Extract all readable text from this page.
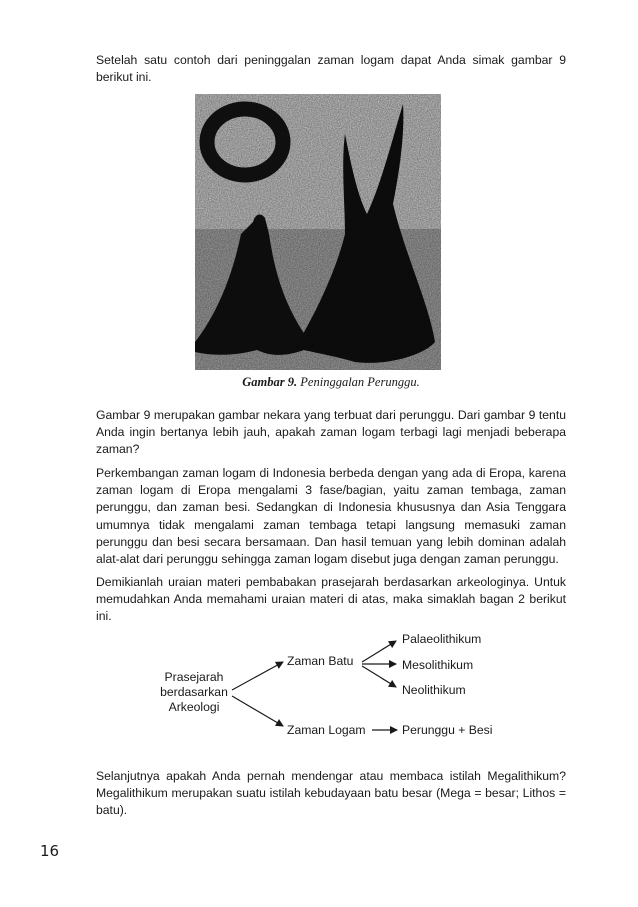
Setelah satu contoh dari peninggalan zaman logam dapat Anda simak gambar 9 berikut ini.

Gambar 9. Peninggalan Perunggu.

Gambar 9 merupakan gambar nekara yang terbuat dari perunggu. Dari gambar 9 tentu Anda ingin bertanya lebih jauh, apakah zaman logam terbagi lagi menjadi beberapa zaman?

Perkembangan zaman logam di Indonesia berbeda dengan yang ada di Eropa, karena zaman logam di Eropa mengalami 3 fase/bagian, yaitu zaman tembaga, zaman perunggu, dan zaman besi. Sedangkan di Indonesia khususnya dan Asia Tenggara umumnya tidak mengalami zaman tembaga tetapi langsung memasuki zaman perunggu dan besi secara bersamaan. Dan hasil temuan yang lebih dominan adalah alat-alat dari perunggu sehingga zaman logam disebut juga dengan zaman perunggu.

Demikianlah uraian materi pembabakan prasejarah berdasarkan arkeologinya. Untuk memudahkan Anda memahami uraian materi di atas, maka simaklah bagan 2 berikut ini.

Prasejarah
berdasarkan
Arkeologi
Zaman Batu
Zaman Logam
Palaeolithikum
Mesolithikum
Neolithikum
Perunggu + Besi

Selanjutnya apakah Anda pernah mendengar atau membaca istilah Megalithikum? Megalithikum merupakan suatu istilah kebudayaan batu besar (Mega = besar; Lithos = batu).

16
